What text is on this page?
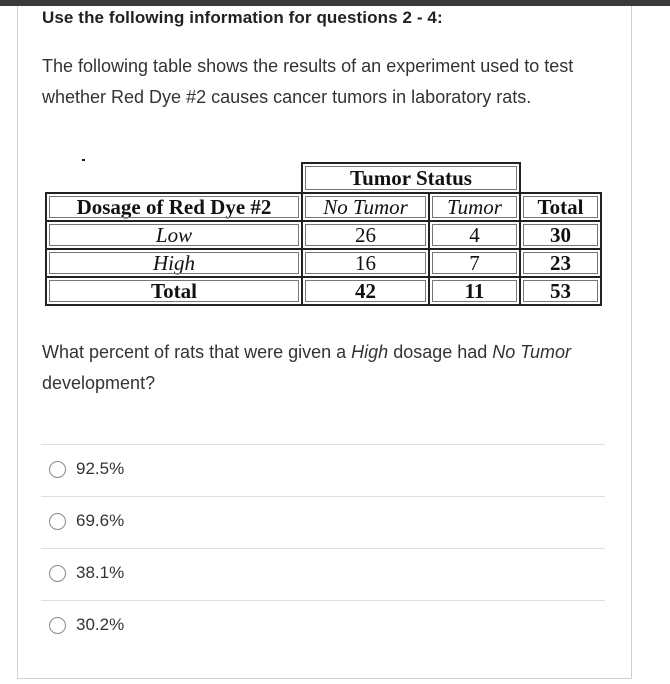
Use the following information for questions 2 - 4:
The following table shows the results of an experiment used to test whether Red Dye #2 causes cancer tumors in laboratory rats.
	Tumor Status		
Dosage of Red Dye #2	No Tumor	Tumor	Total
Low	26	4	30
High	16	7	23
Total	42	11	53
What percent of rats that were given a High dosage had No Tumor development?
92.5%
69.6%
38.1%
30.2%
